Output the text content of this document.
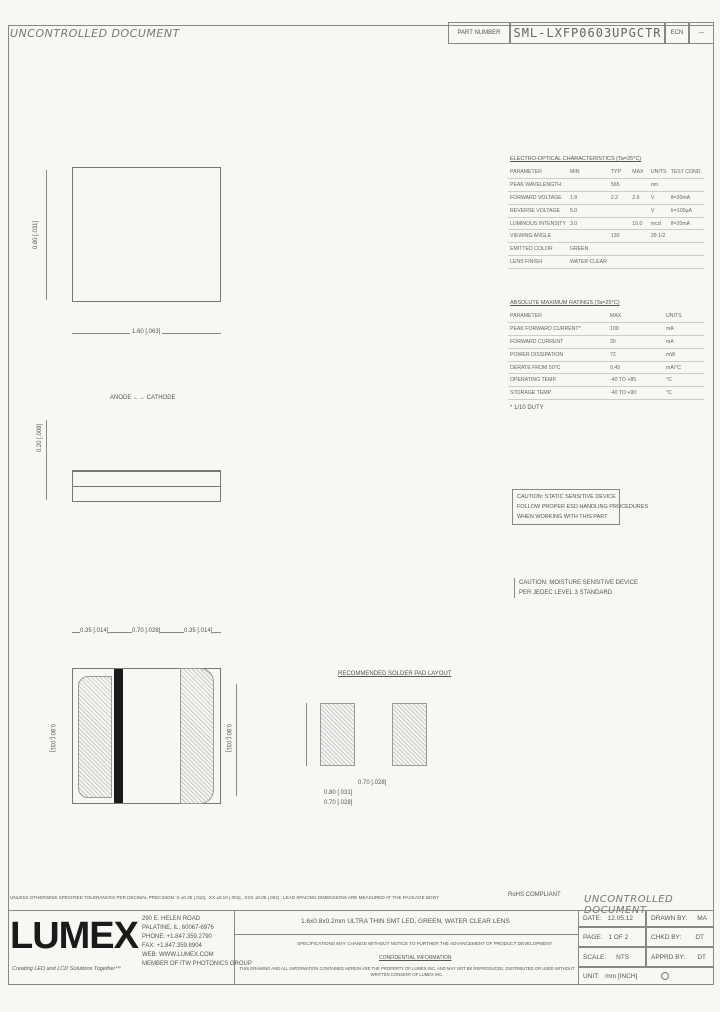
UNCONTROLLED DOCUMENT	PART NUMBER SML-LXFP0603UPGCTR ECN	---
0.80 [.031]
1.60 [.063]
ANODE ←→ CATHODE
0.20 [.008]
ELECTRO-OPTICAL CHARACTERISTICS (Ta=25°C)
PARAMETER	MIN	TYP	MAX	UNITS	TEST COND.
PEAK WAVELENGTH		565		nm	
FORWARD VOLTAGE	1.8	2.2	2.6	V	If=20mA
REVERSE VOLTAGE	5.0			V	Ir=100μA
LUMINOUS INTENSITY	3.0		10.0	mcd	If=20mA
VIEWING ANGLE		130		2θ 1/2	
EMITTED COLOR	GREEN				
LENS FINISH	WATER CLEAR				
ABSOLUTE MAXIMUM RATINGS (Ta=25°C)
PARAMETER	MAX	UNITS
PEAK FORWARD CURRENT*	100	mA
FORWARD CURRENT	30	mA
POWER DISSIPATION	72	mW
DERATE FROM 50°C	0.45	mA/°C
OPERATING TEMP.	-40 TO +85	°C
STORAGE TEMP.	-40 TO +90	°C
* 1/10 DUTY
CAUTION: STATIC SENSITIVE DEVICE
FOLLOW PROPER ESD HANDLING PROCEDURES
WHEN WORKING WITH THIS PART
CAUTION: MOISTURE SENSITIVE DEVICE
PER JEDEC LEVEL 3 STANDARD
0.35 [.014]	0.70 [.028]	0.35 [.014]
0.80 [.031]	0.80 [.031]
RECOMMENDED SOLDER PAD LAYOUT
0.70 [.028]
0.80 [.031]
0.70 [.028]
UNLESS OTHERWISE SPECIFIED TOLERANCES PER DECIMAL PRECISION: X ±0.25 [.010], .XX ±0.10 [.004], .XXX ±0.05 [.002] ; LEAD SPACING DIMENSIONS ARE MEASURED AT THE PACKAGE BODY	RoHS COMPLIANT UNCONTROLLED DOCUMENT
LUMEX
Creating LED and LCD Solutions Together™
290 E. HELEN ROAD
PALATINE, IL. 60067-6976
PHONE: +1.847.359.2790
FAX: +1.847.359.8904
WEB: WWW.LUMEX.COM
MEMBER OF ITW PHOTONICS GROUP
1.6x0.8x0.2mm ULTRA THIN SMT LED, GREEN, WATER CLEAR LENS
SPECIFICATIONS MAY CHANGE WITHOUT NOTICE TO FURTHER THE ADVANCEMENT OF PRODUCT DEVELOPMENT
CONFIDENTIAL INFORMATION
THIS DRAWING AND ALL INFORMATION CONTAINED HEREIN ARE THE PROPERTY OF LUMEX INC. AND MAY NOT BE REPRODUCED, DISTRIBUTED OR USED WITHOUT WRITTEN CONSENT OF LUMEX INC.
DATE: 12.05.12	DRAWN BY: MA
PAGE: 1 OF 2	CHKD BY: DT
SCALE: NTS	APPRD BY: DT
UNIT: mm [INCH]
